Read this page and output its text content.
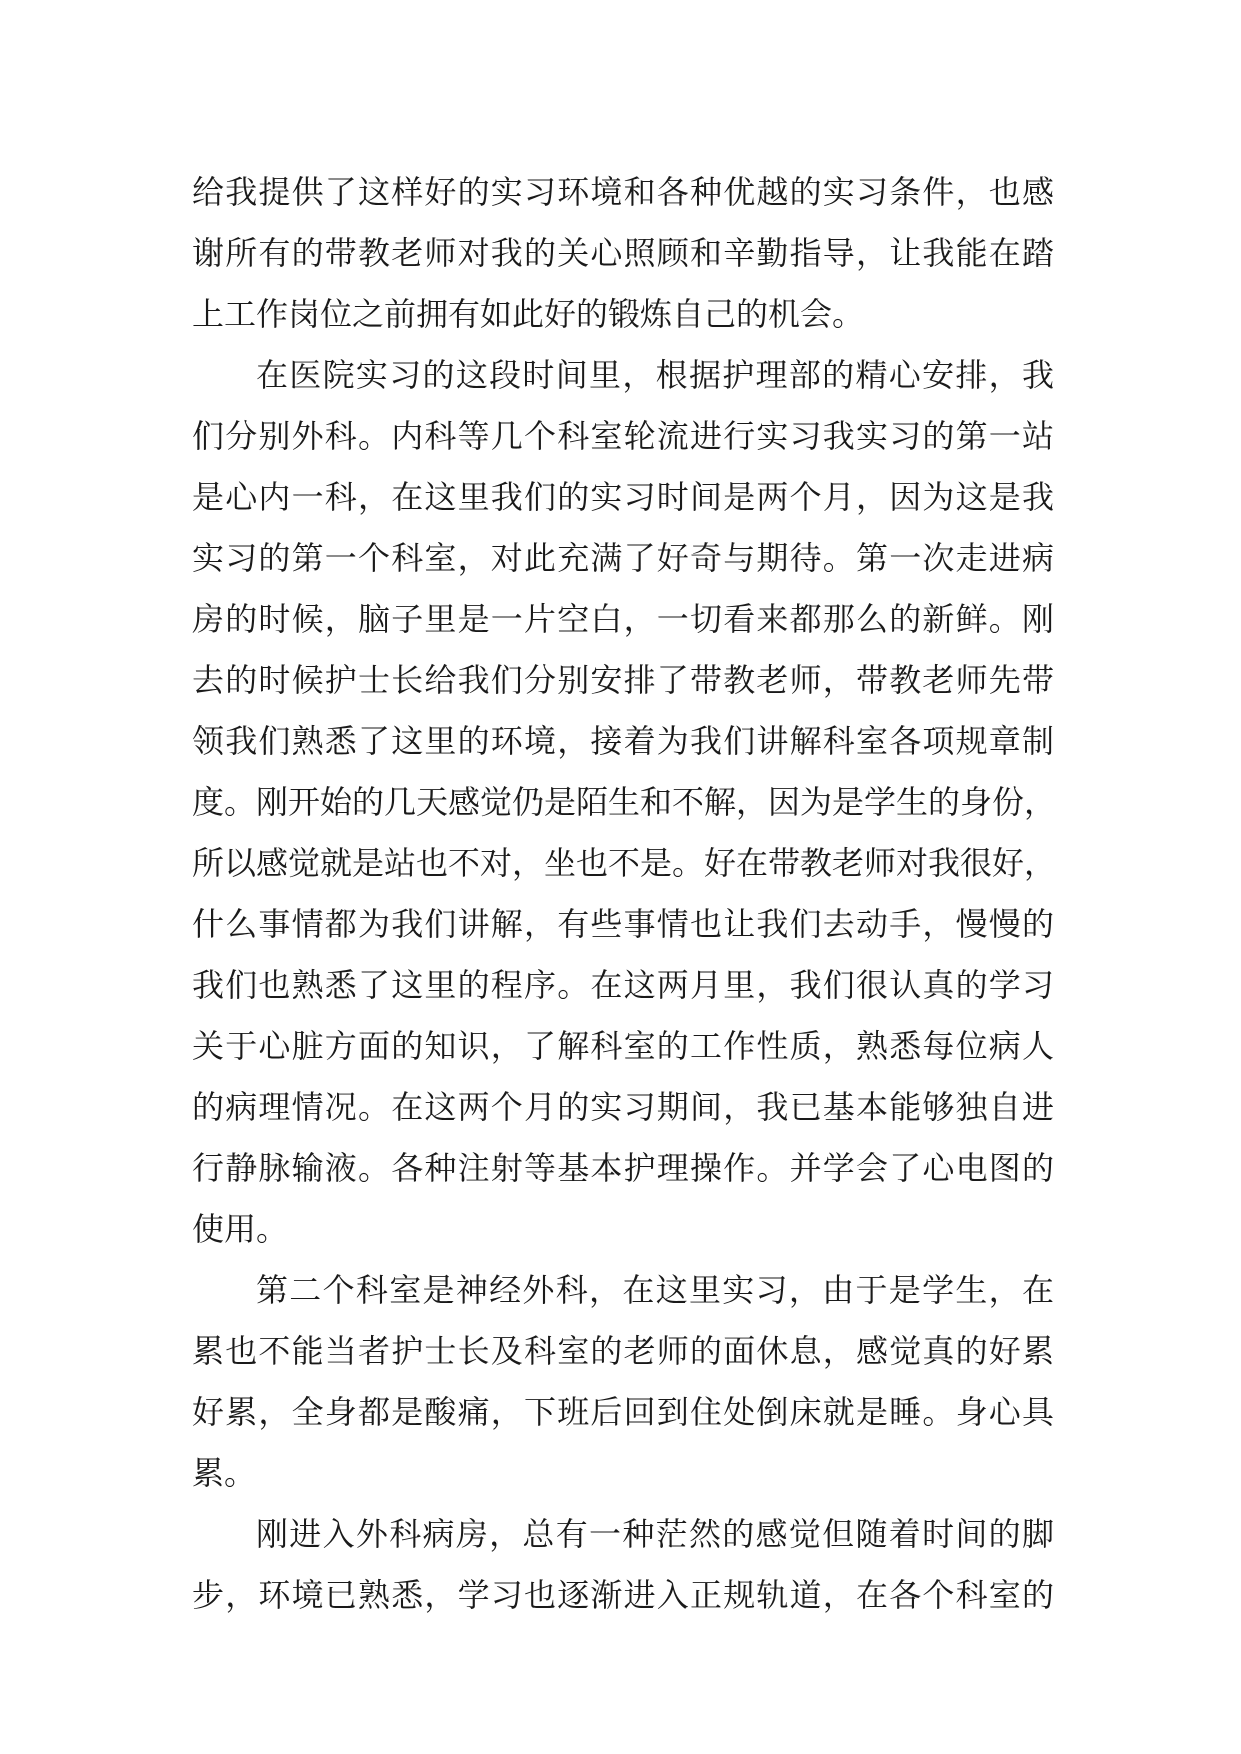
给我提供了这样好的实习环境和各种优越的实习条件，也感
谢所有的带教老师对我的关心照顾和辛勤指导，让我能在踏
上工作岗位之前拥有如此好的锻炼自己的机会。
在医院实习的这段时间里，根据护理部的精心安排，我
们分别外科。内科等几个科室轮流进行实习我实习的第一站
是心内一科，在这里我们的实习时间是两个月，因为这是我
实习的第一个科室，对此充满了好奇与期待。第一次走进病
房的时候，脑子里是一片空白，一切看来都那么的新鲜。刚
去的时候护士长给我们分别安排了带教老师，带教老师先带
领我们熟悉了这里的环境，接着为我们讲解科室各项规章制
度。刚开始的几天感觉仍是陌生和不解，因为是学生的身份，
所以感觉就是站也不对，坐也不是。好在带教老师对我很好，
什么事情都为我们讲解，有些事情也让我们去动手，慢慢的
我们也熟悉了这里的程序。在这两月里，我们很认真的学习
关于心脏方面的知识，了解科室的工作性质，熟悉每位病人
的病理情况。在这两个月的实习期间，我已基本能够独自进
行静脉输液。各种注射等基本护理操作。并学会了心电图的
使用。
第二个科室是神经外科，在这里实习，由于是学生，在
累也不能当者护士长及科室的老师的面休息，感觉真的好累
好累，全身都是酸痛，下班后回到住处倒床就是睡。身心具
累。
刚进入外科病房，总有一种茫然的感觉但随着时间的脚
步，环境已熟悉，学习也逐渐进入正规轨道，在各个科室的
